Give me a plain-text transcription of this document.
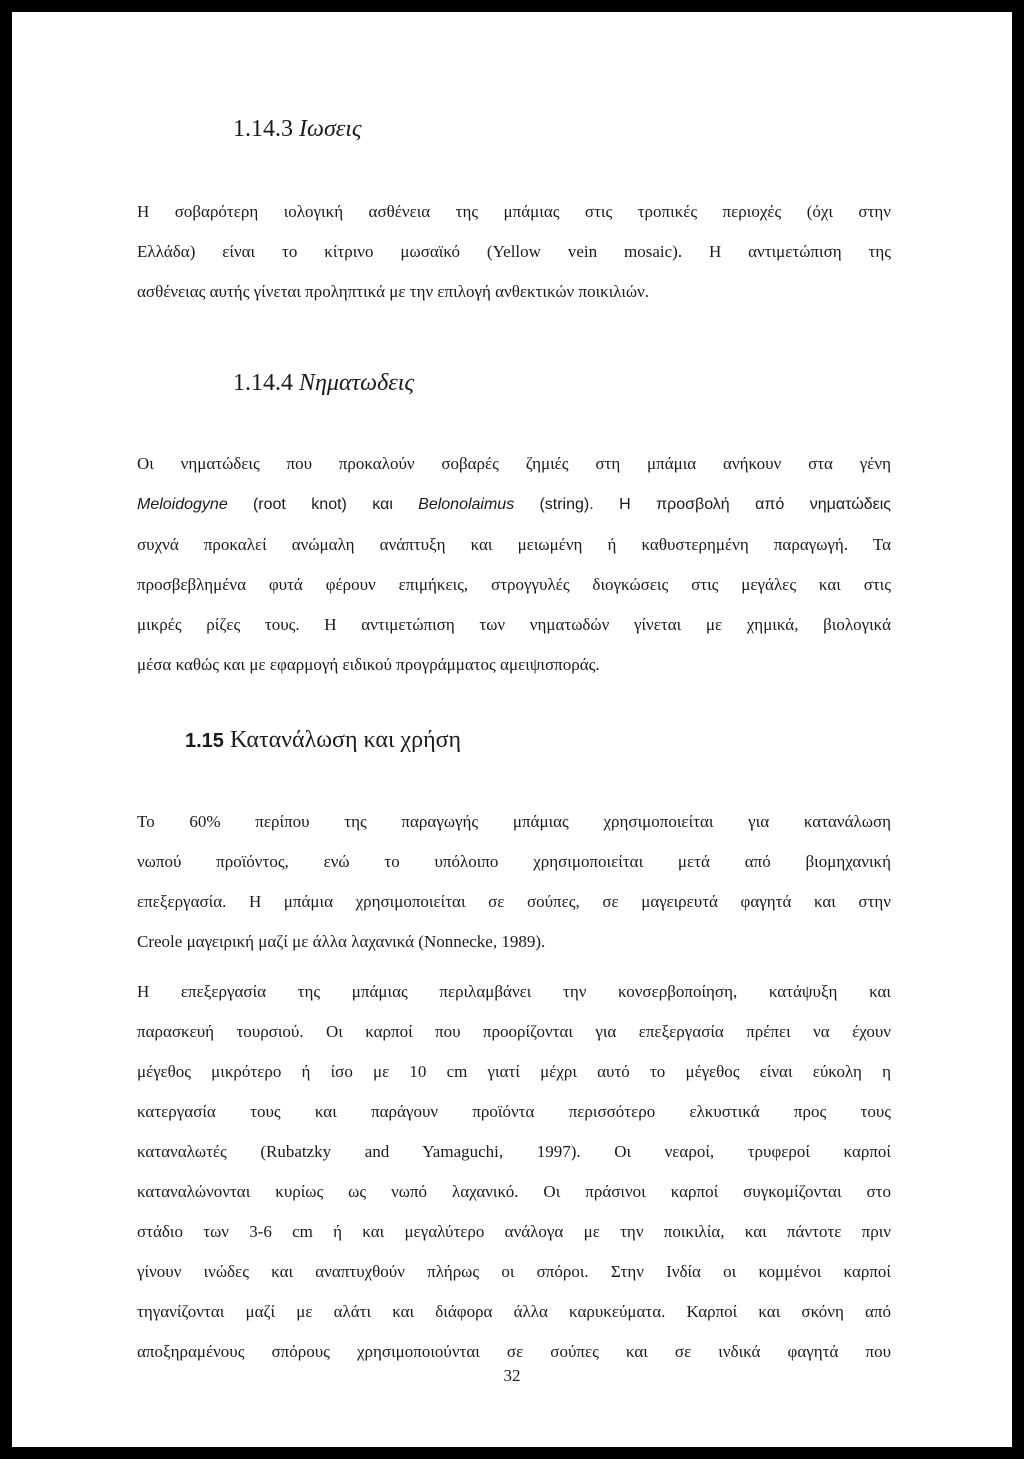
1.14.3 Ιωσεις

Η σοβαρότερη ιολογική ασθένεια της μπάμιας στις τροπικές περιοχές (όχι στην
Ελλάδα) είναι το κίτρινο μωσαϊκό (Yellow vein mosaic). Η αντιμετώπιση της
ασθένειας αυτής γίνεται προληπτικά με την επιλογή ανθεκτικών ποικιλιών.

1.14.4 Νηματωδεις

Οι νηματώδεις που προκαλούν σοβαρές ζημιές στη μπάμια ανήκουν στα γένη
Meloidogyne (root knot) και Belonolaimus (string). Η προσβολή από νηματώδεις
συχνά προκαλεί ανώμαλη ανάπτυξη και μειωμένη ή καθυστερημένη παραγωγή. Τα
προσβεβλημένα φυτά φέρουν επιμήκεις, στρογγυλές διογκώσεις στις μεγάλες και στις
μικρές ρίζες τους. Η αντιμετώπιση των νηματωδών γίνεται με χημικά, βιολογικά
μέσα καθώς και με εφαρμογή ειδικού προγράμματος αμειψισποράς.

1.15 Κατανάλωση και χρήση

Το 60% περίπου της παραγωγής μπάμιας χρησιμοποιείται για κατανάλωση
νωπού προϊόντος, ενώ το υπόλοιπο χρησιμοποιείται μετά από βιομηχανική
επεξεργασία. Η μπάμια χρησιμοποιείται σε σούπες, σε μαγειρευτά φαγητά και στην
Creole μαγειρική μαζί με άλλα λαχανικά (Nonnecke, 1989).

Η επεξεργασία της μπάμιας περιλαμβάνει την κονσερβοποίηση, κατάψυξη και
παρασκευή τουρσιού. Οι καρποί που προορίζονται για επεξεργασία πρέπει να έχουν
μέγεθος μικρότερο ή ίσο με 10 cm γιατί μέχρι αυτό το μέγεθος είναι εύκολη η
κατεργασία τους και παράγουν προϊόντα περισσότερο ελκυστικά προς τους
καταναλωτές (Rubatzky and Yamaguchi, 1997). Οι νεαροί, τρυφεροί καρποί
καταναλώνονται κυρίως ως νωπό λαχανικό. Οι πράσινοι καρποί συγκομίζονται στο
στάδιο των 3-6 cm ή και μεγαλύτερο ανάλογα με την ποικιλία, και πάντοτε πριν
γίνουν ινώδες και αναπτυχθούν πλήρως οι σπόροι. Στην Ινδία οι κομμένοι καρποί
τηγανίζονται μαζί με αλάτι και διάφορα άλλα καρυκεύματα. Καρποί και σκόνη από
αποξηραμένους σπόρους χρησιμοποιούνται σε σούπες και σε ινδικά φαγητά που

32
